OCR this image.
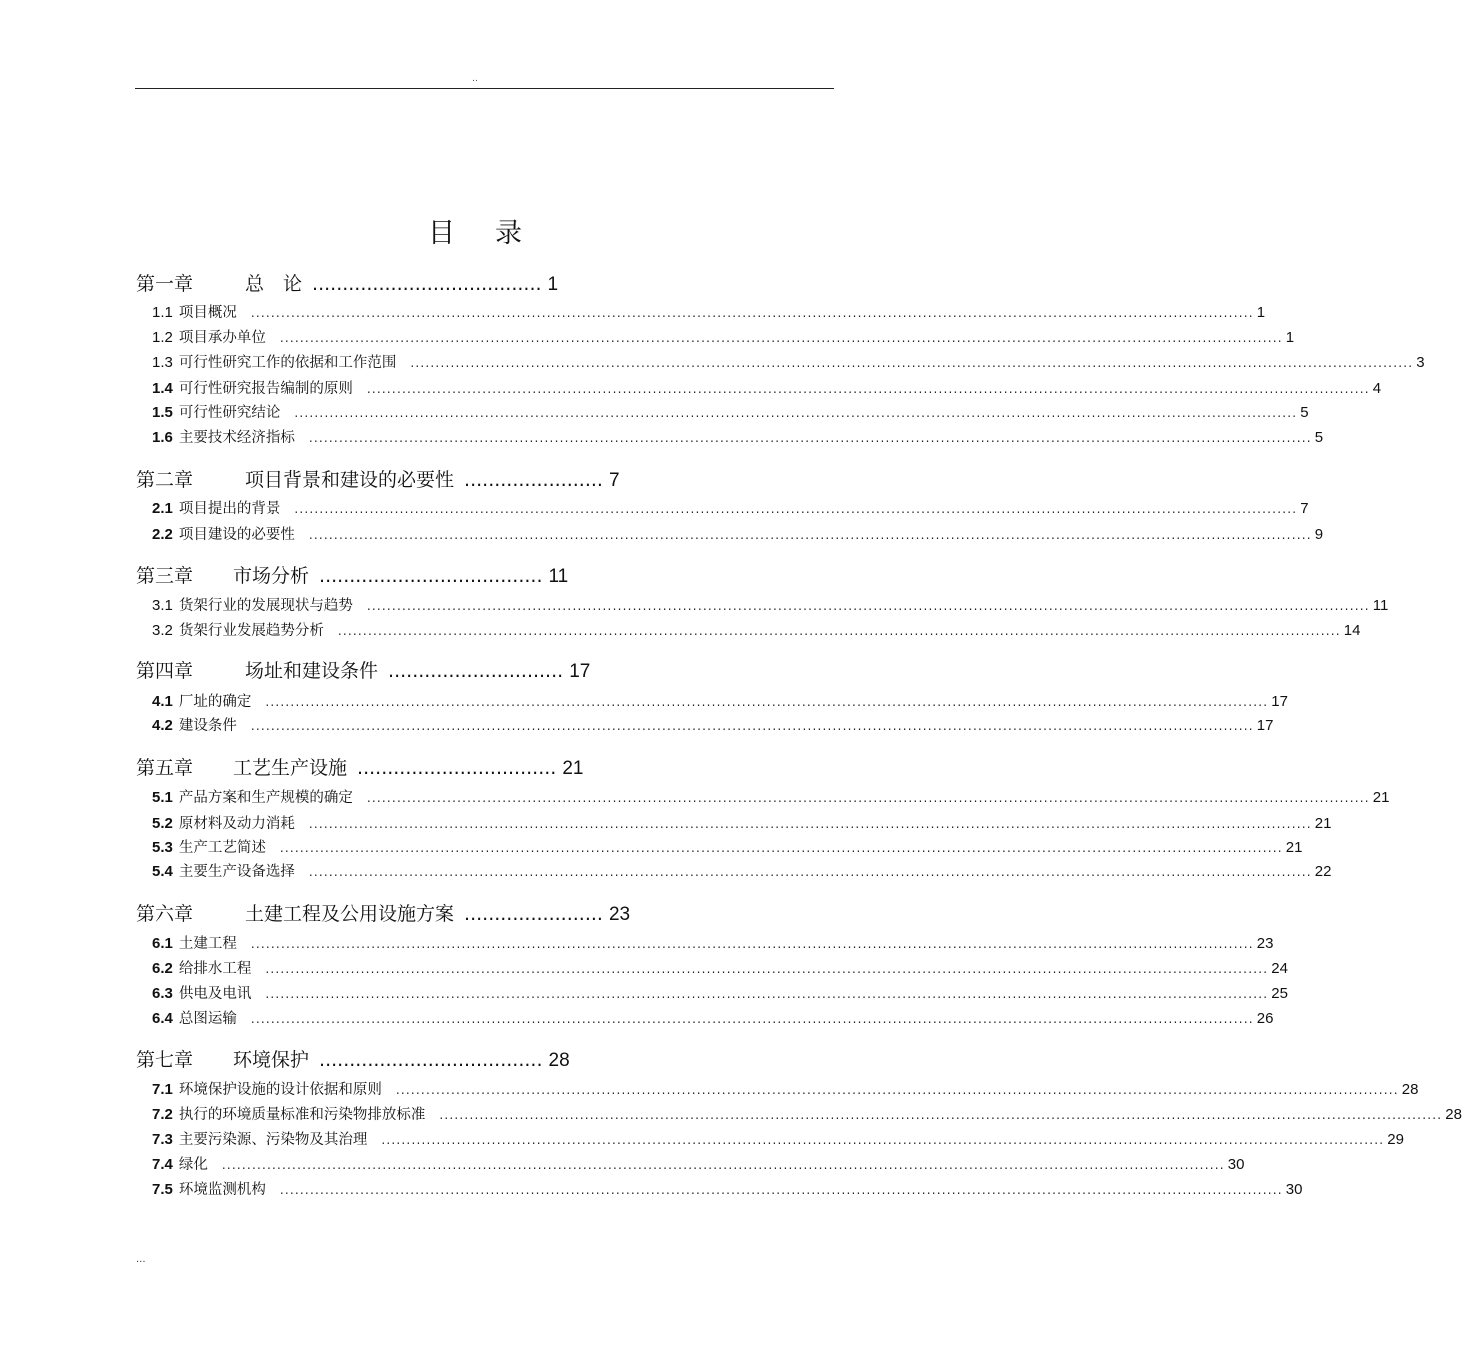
..
目录
第一章	总　论 ...................................... 1
1.1 项目概况 ........................................................................................................................................................................................................ 1
1.2 项目承办单位 ........................................................................................................................................................................................................ 1
1.3 可行性研究工作的依据和工作范围 ........................................................................................................................................................................................................ 3
1.4 可行性研究报告编制的原则 ........................................................................................................................................................................................................ 4
1.5 可行性研究结论 ........................................................................................................................................................................................................ 5
1.6 主要技术经济指标 ........................................................................................................................................................................................................ 5
第二章	项目背景和建设的必要性 ....................... 7
2.1 项目提出的背景 ........................................................................................................................................................................................................ 7
2.2 项目建设的必要性 ........................................................................................................................................................................................................ 9
第三章 市场分析 ..................................... 11
3.1 货架行业的发展现状与趋势 ........................................................................................................................................................................................................ 11
3.2 货架行业发展趋势分析 ........................................................................................................................................................................................................ 14
第四章	场址和建设条件 ............................. 17
4.1 厂址的确定 ........................................................................................................................................................................................................ 17
4.2 建设条件 ........................................................................................................................................................................................................ 17
第五章 工艺生产设施 ................................. 21
5.1 产品方案和生产规模的确定 ........................................................................................................................................................................................................ 21
5.2 原材料及动力消耗 ........................................................................................................................................................................................................ 21
5.3 生产工艺简述 ........................................................................................................................................................................................................ 21
5.4 主要生产设备选择 ........................................................................................................................................................................................................ 22
第六章	土建工程及公用设施方案 ....................... 23
6.1 土建工程 ........................................................................................................................................................................................................ 23
6.2 给排水工程 ........................................................................................................................................................................................................ 24
6.3 供电及电讯 ........................................................................................................................................................................................................ 25
6.4 总图运输 ........................................................................................................................................................................................................ 26
第七章 环境保护 ..................................... 28
7.1 环境保护设施的设计依据和原则 ........................................................................................................................................................................................................ 28
7.2 执行的环境质量标准和污染物排放标准 ........................................................................................................................................................................................................ 28
7.3 主要污染源、污染物及其治理 ........................................................................................................................................................................................................ 29
7.4 绿化 ........................................................................................................................................................................................................ 30
7.5 环境监测机构 ........................................................................................................................................................................................................ 30
...
